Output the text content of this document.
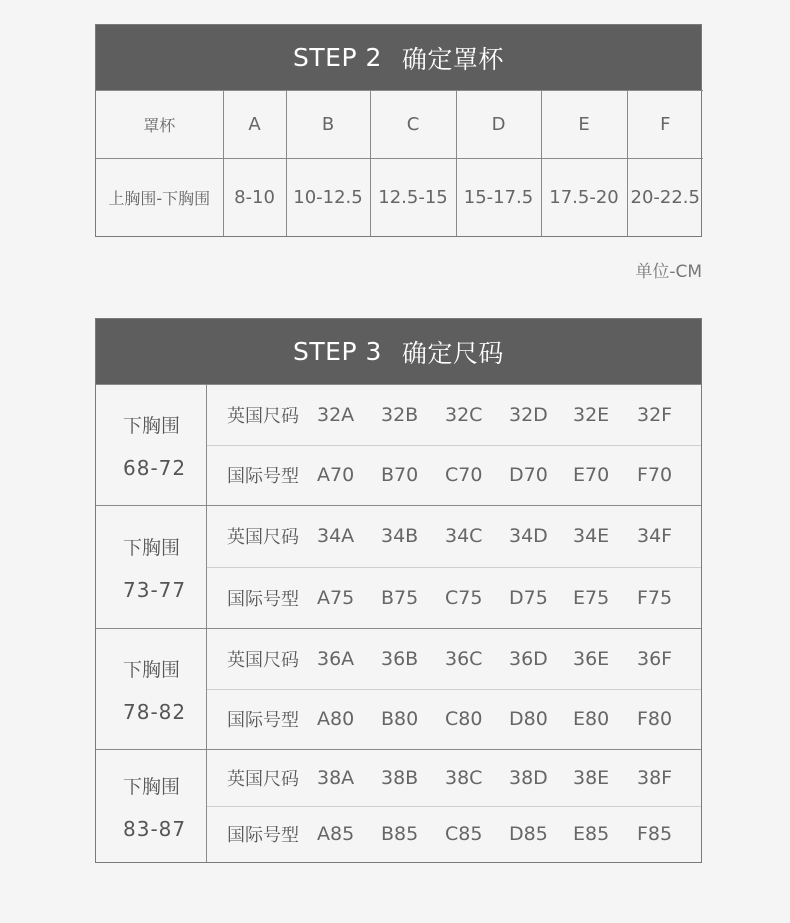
STEP 2 确定罩杯
罩杯	A	B	C	D	E	F
上胸围-下胸围	8-10	10-12.5	12.5-15	15-17.5	17.5-20	20-22.5
单位-CM
STEP 3 确定尺码
下胸围
68-72
英国尺码 32A	32B	32C	32D	32E	32F
国际号型 A70	B70	C70	D70	E70	F70
下胸围
73-77
英国尺码 34A	34B	34C	34D	34E	34F
国际号型 A75	B75	C75	D75	E75	F75
下胸围
78-82
英国尺码 36A	36B	36C	36D	36E	36F
国际号型 A80	B80	C80	D80	E80	F80
下胸围
83-87
英国尺码 38A	38B	38C	38D	38E	38F
国际号型 A85	B85	C85	D85	E85	F85
